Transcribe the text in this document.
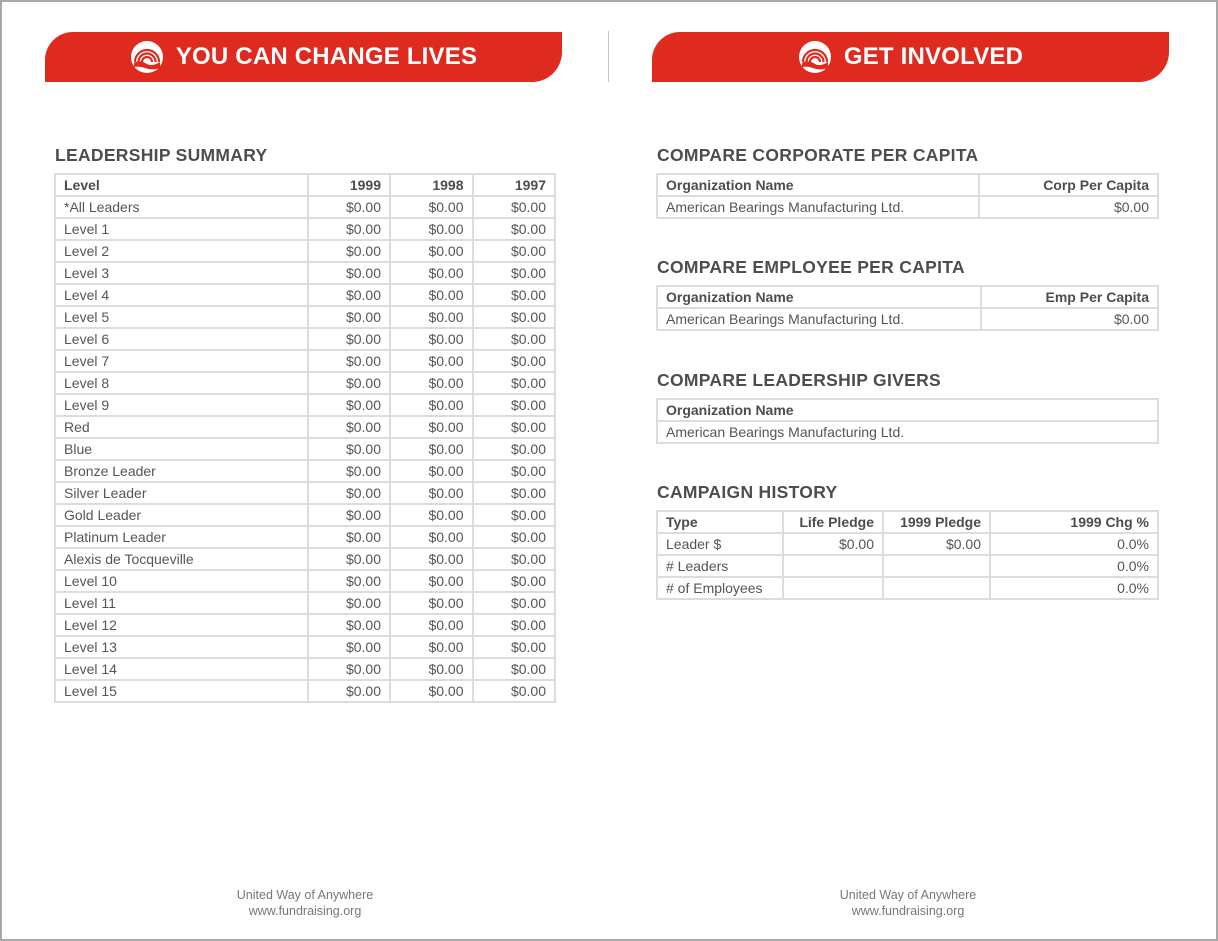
YOU CAN CHANGE LIVES	GET INVOLVED
LEADERSHIP SUMMARY
Level	1999	1998	1997
*All Leaders	$0.00	$0.00	$0.00
Level 1	$0.00	$0.00	$0.00
Level 2	$0.00	$0.00	$0.00
Level 3	$0.00	$0.00	$0.00
Level 4	$0.00	$0.00	$0.00
Level 5	$0.00	$0.00	$0.00
Level 6	$0.00	$0.00	$0.00
Level 7	$0.00	$0.00	$0.00
Level 8	$0.00	$0.00	$0.00
Level 9	$0.00	$0.00	$0.00
Red	$0.00	$0.00	$0.00
Blue	$0.00	$0.00	$0.00
Bronze Leader	$0.00	$0.00	$0.00
Silver Leader	$0.00	$0.00	$0.00
Gold Leader	$0.00	$0.00	$0.00
Platinum Leader	$0.00	$0.00	$0.00
Alexis de Tocqueville	$0.00	$0.00	$0.00
Level 10	$0.00	$0.00	$0.00
Level 11	$0.00	$0.00	$0.00
Level 12	$0.00	$0.00	$0.00
Level 13	$0.00	$0.00	$0.00
Level 14	$0.00	$0.00	$0.00
Level 15	$0.00	$0.00	$0.00
COMPARE CORPORATE PER CAPITA
Organization Name	Corp Per Capita
American Bearings Manufacturing Ltd.	$0.00
COMPARE EMPLOYEE PER CAPITA
Organization Name	Emp Per Capita
American Bearings Manufacturing Ltd.	$0.00
COMPARE LEADERSHIP GIVERS
Organization Name
American Bearings Manufacturing Ltd.
CAMPAIGN HISTORY
Type	Life Pledge	1999 Pledge	1999 Chg %
Leader $	$0.00	$0.00	0.0%
# Leaders			0.0%
# of Employees			0.0%
United Way of Anywhere
www.fundraising.org
United Way of Anywhere
www.fundraising.org
